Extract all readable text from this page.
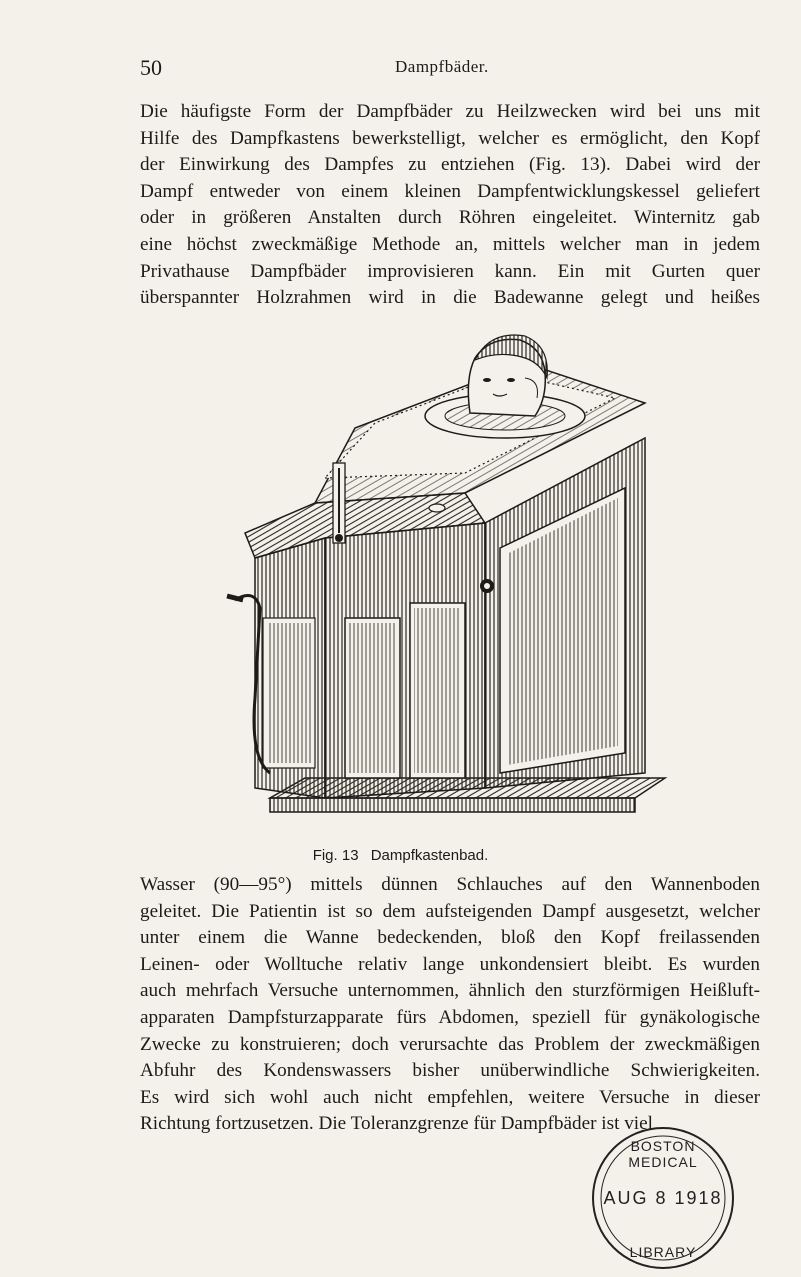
50	Dampfbäder.

Die häufigste Form der Dampfbäder zu Heilzwecken wird bei uns mit
Hilfe des Dampfkastens bewerkstelligt, welcher es ermöglicht, den Kopf
der Einwirkung des Dampfes zu entziehen (Fig. 13). Dabei wird der
Dampf entweder von einem kleinen Dampfentwicklungskessel geliefert
oder in größeren Anstalten durch Röhren eingeleitet. Winternitz gab
eine höchst zweckmäßige Methode an, mittels welcher man in jedem
Privathause Dampfbäder improvisieren kann. Ein mit Gurten quer
überspannter Holzrahmen wird in die Badewanne gelegt und heißes

Fig. 13 Dampfkastenbad.

Wasser (90—95°) mittels dünnen Schlauches auf den Wannenboden
geleitet. Die Patientin ist so dem aufsteigenden Dampf ausgesetzt, welcher
unter einem die Wanne bedeckenden, bloß den Kopf freilassenden
Leinen- oder Wolltuche relativ lange unkondensiert bleibt. Es wurden
auch mehrfach Versuche unternommen, ähnlich den sturzförmigen Heißluft-
apparaten Dampfsturzapparate fürs Abdomen, speziell für gynäkologische
Zwecke zu konstruieren; doch verursachte das Problem der zweckmäßigen
Abfuhr des Kondenswassers bisher unüberwindliche Schwierigkeiten.
Es wird sich wohl auch nicht empfehlen, weitere Versuche in dieser
Richtung fortzusetzen. Die Toleranzgrenze für Dampfbäder ist viel

BOSTON MEDICAL
AUG 8 1918
LIBRARY
